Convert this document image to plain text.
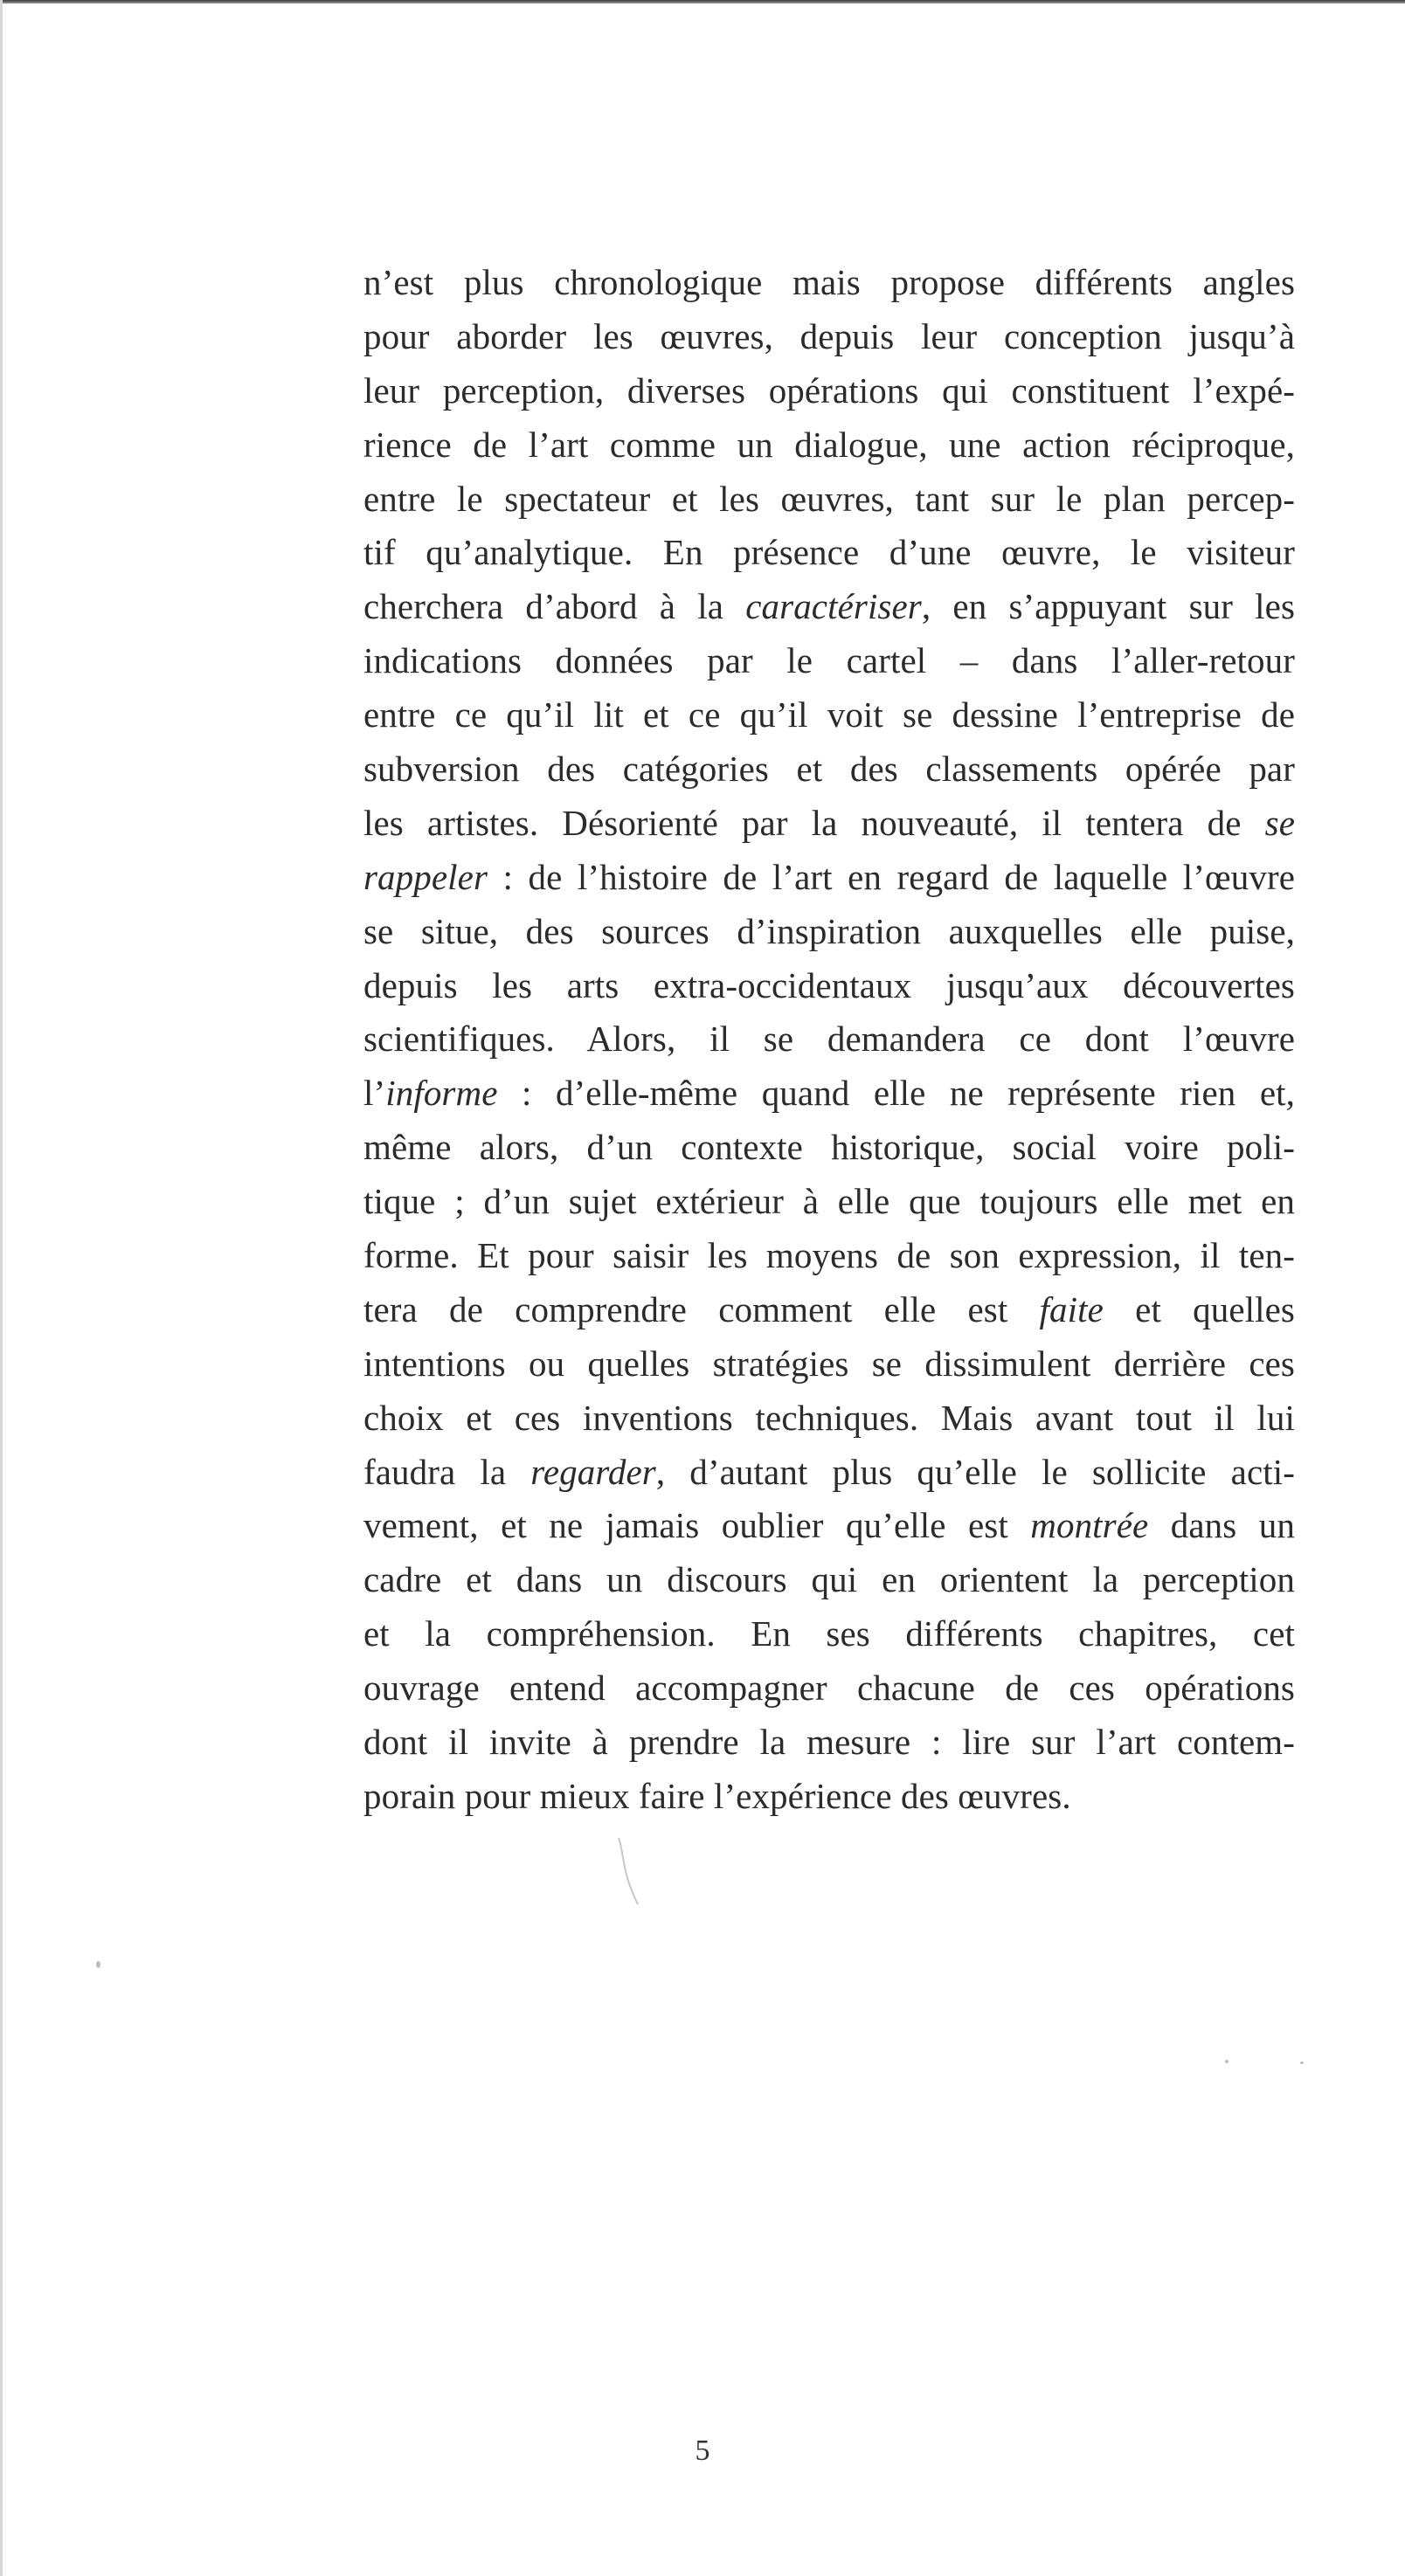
n’est plus chronologique mais propose différents angles
pour aborder les œuvres, depuis leur conception jusqu’à
leur perception, diverses opérations qui constituent l’expé-
rience de l’art comme un dialogue, une action réciproque,
entre le spectateur et les œuvres, tant sur le plan percep-
tif qu’analytique. En présence d’une œuvre, le visiteur
cherchera d’abord à la caractériser, en s’appuyant sur les
indications données par le cartel – dans l’aller-retour
entre ce qu’il lit et ce qu’il voit se dessine l’entreprise de
subversion des catégories et des classements opérée par
les artistes. Désorienté par la nouveauté, il tentera de se
rappeler : de l’histoire de l’art en regard de laquelle l’œuvre
se situe, des sources d’inspiration auxquelles elle puise,
depuis les arts extra-occidentaux jusqu’aux découvertes
scientifiques. Alors, il se demandera ce dont l’œuvre
l’informe : d’elle-même quand elle ne représente rien et,
même alors, d’un contexte historique, social voire poli-
tique ; d’un sujet extérieur à elle que toujours elle met en
forme. Et pour saisir les moyens de son expression, il ten-
tera de comprendre comment elle est faite et quelles
intentions ou quelles stratégies se dissimulent derrière ces
choix et ces inventions techniques. Mais avant tout il lui
faudra la regarder, d’autant plus qu’elle le sollicite acti-
vement, et ne jamais oublier qu’elle est montrée dans un
cadre et dans un discours qui en orientent la perception
et la compréhension. En ses différents chapitres, cet
ouvrage entend accompagner chacune de ces opérations
dont il invite à prendre la mesure : lire sur l’art contem-
porain pour mieux faire l’expérience des œuvres.
5
